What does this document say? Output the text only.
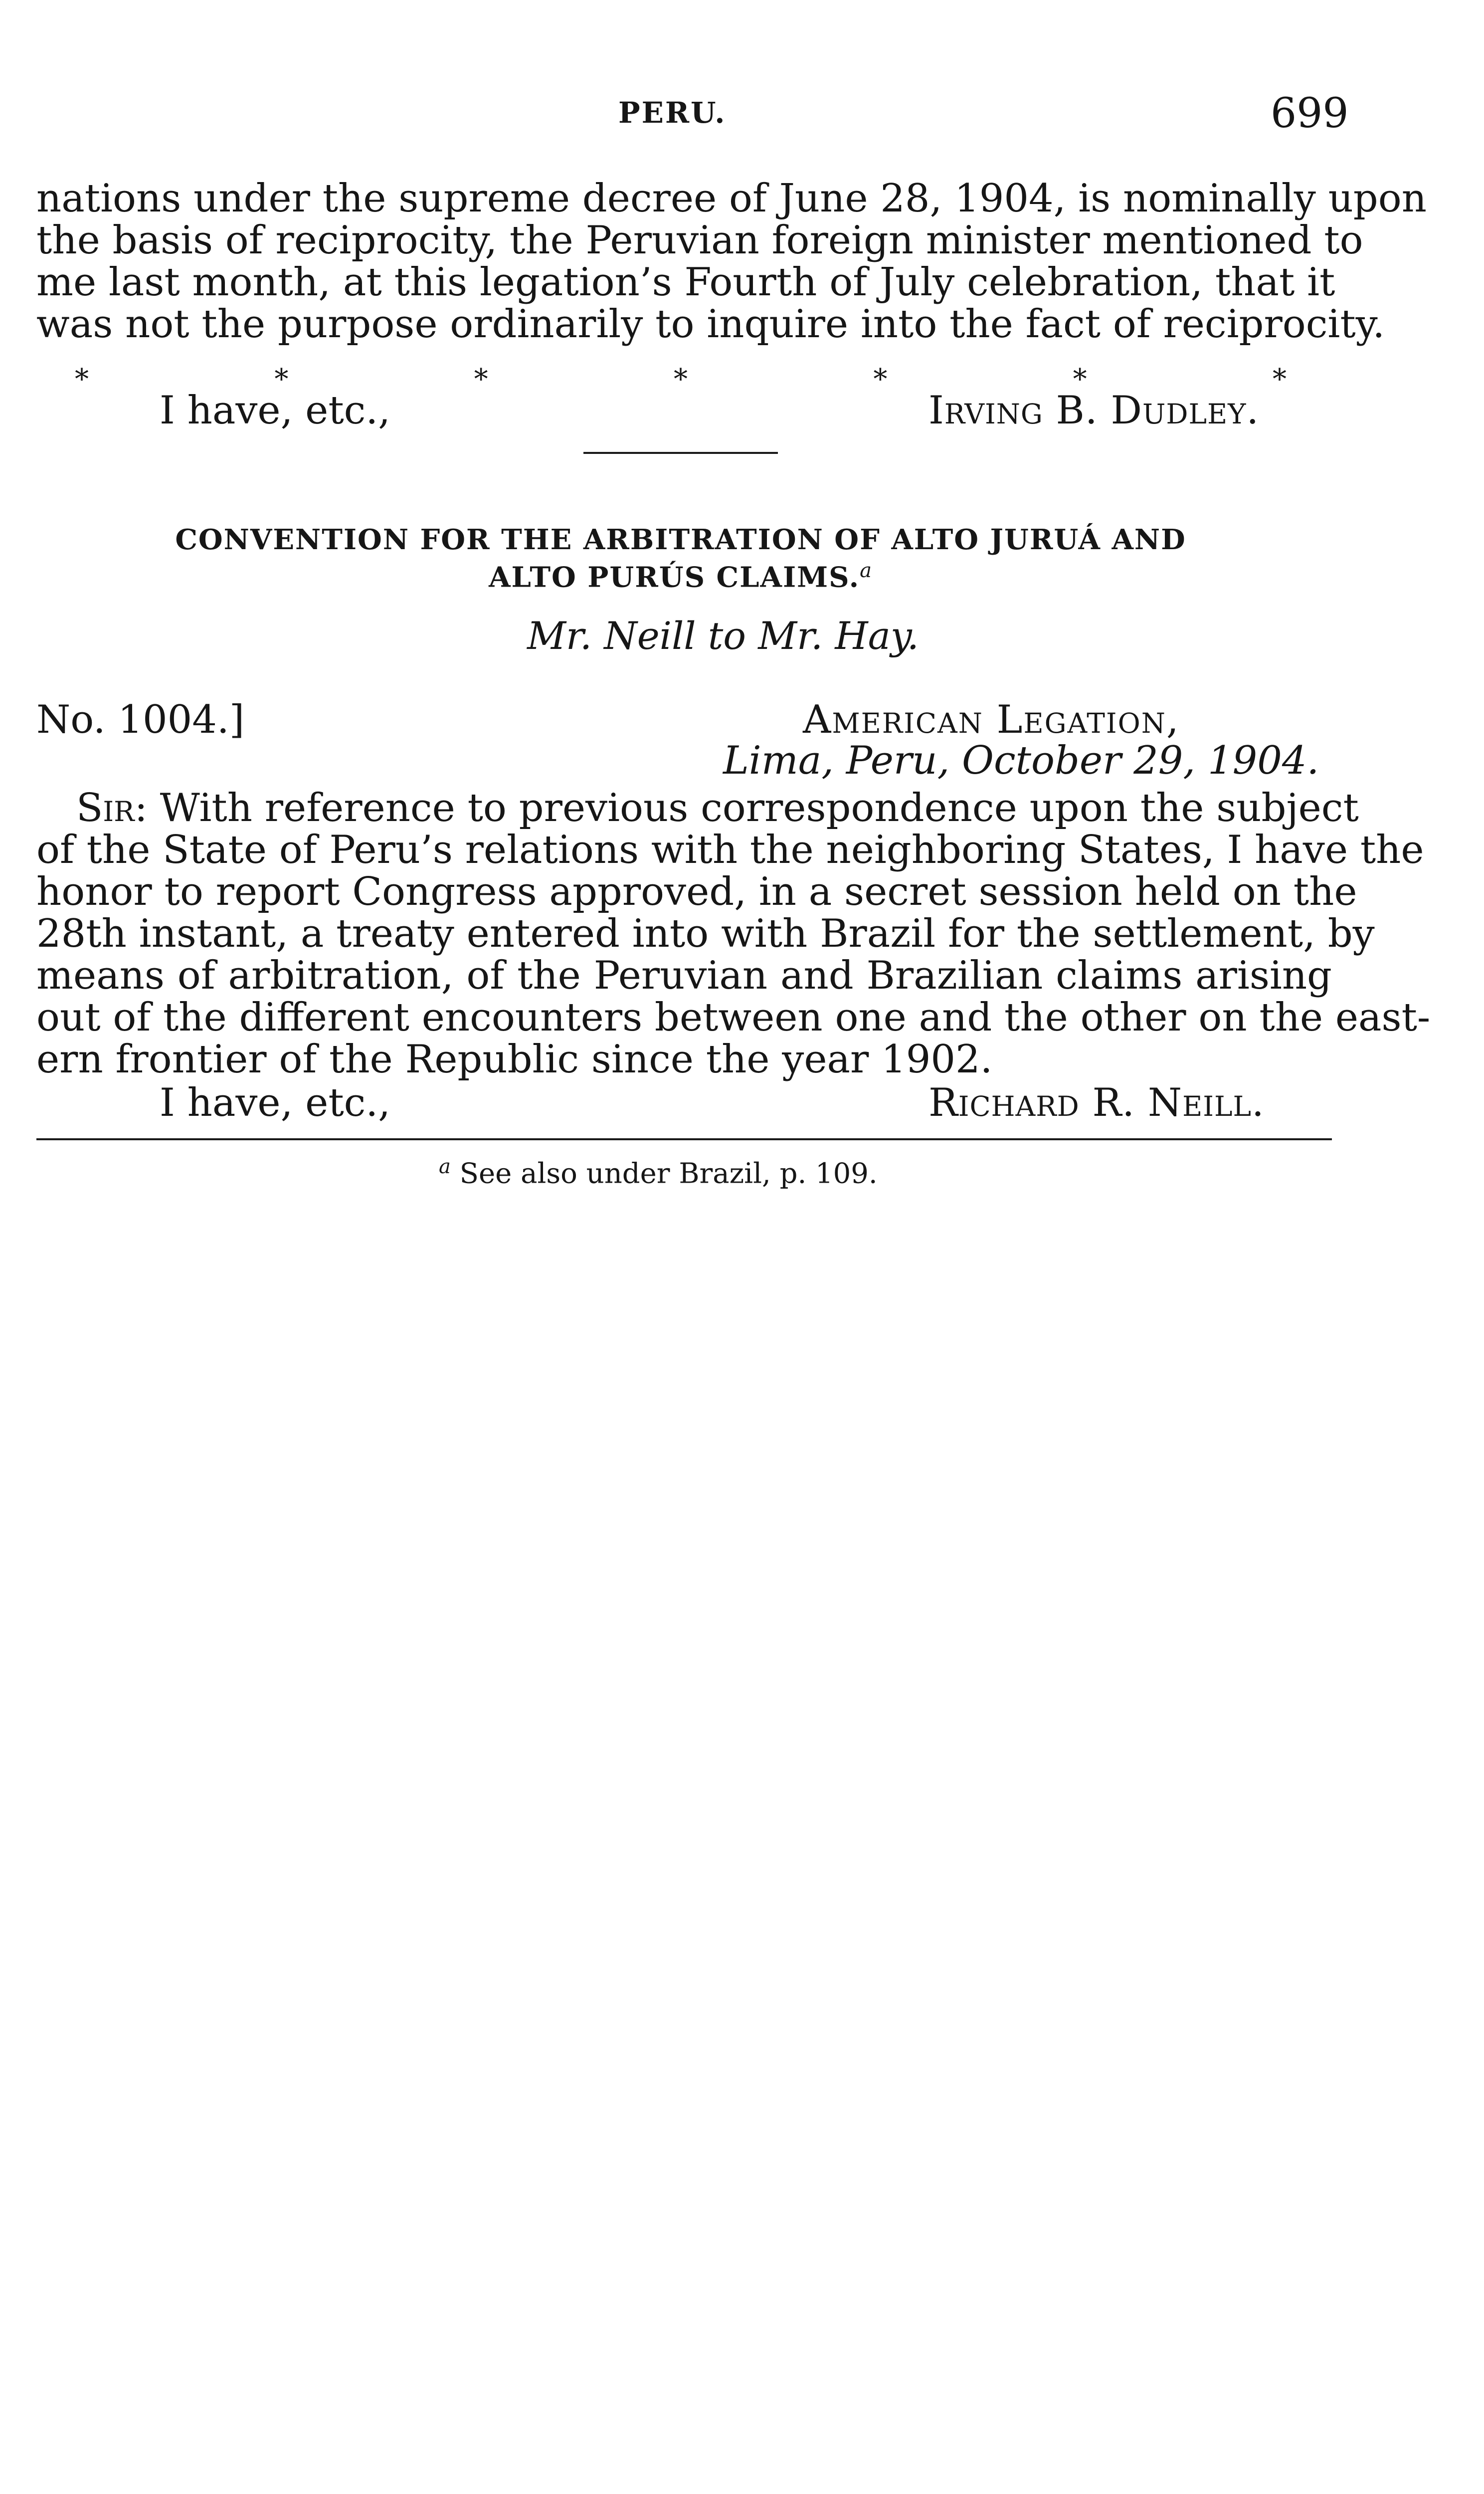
PERU.	699
nations under the supreme decree of June 28, 1904, is nominally upon
the basis of reciprocity, the Peruvian foreign minister mentioned to
me last month, at this legation’s Fourth of July celebration, that it
was not the purpose ordinarily to inquire into the fact of reciprocity.
*	*	*	*	*	*	*
I have, etc.,	Irving B. Dudley.
CONVENTION FOR THE ARBITRATION OF ALTO JURUÁ AND
ALTO PURÚS CLAIMS.$^a$
Mr. Neill to Mr. Hay.
No. 1004.]	American Legation,
Lima, Peru, October 29, 1904.
Sir: With reference to previous correspondence upon the subject
of the State of Peru’s relations with the neighboring States, I have the
honor to report Congress approved, in a secret session held on the
28th instant, a treaty entered into with Brazil for the settlement, by
means of arbitration, of the Peruvian and Brazilian claims arising
out of the different encounters between one and the other on the east-
ern frontier of the Republic since the year 1902.
I have, etc.,	Richard R. Neill.
$^a$ See also under Brazil, p. 109.
